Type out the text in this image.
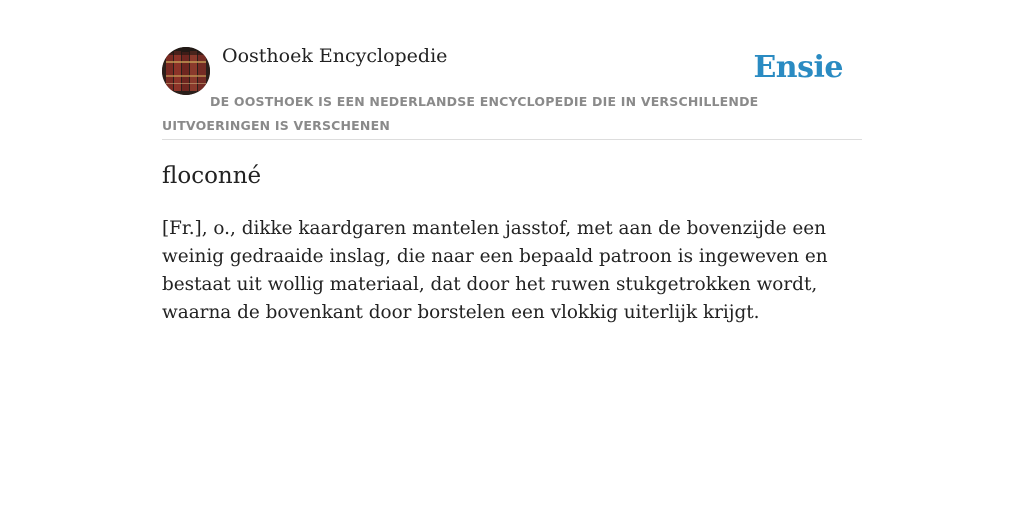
Oosthoek Encyclopedie	Ensie
DE OOSTHOEK IS EEN NEDERLANDSE ENCYCLOPEDIE DIE IN VERSCHILLENDE UITVOERINGEN IS VERSCHENEN
floconné

[Fr.], o., dikke kaardgaren mantelen jasstof, met aan de bovenzijde een weinig gedraaide inslag, die naar een bepaald patroon is ingeweven en bestaat uit wollig materiaal, dat door het ruwen stukgetrokken wordt, waarna de bovenkant door borstelen een vlokkig uiterlijk krijgt.
